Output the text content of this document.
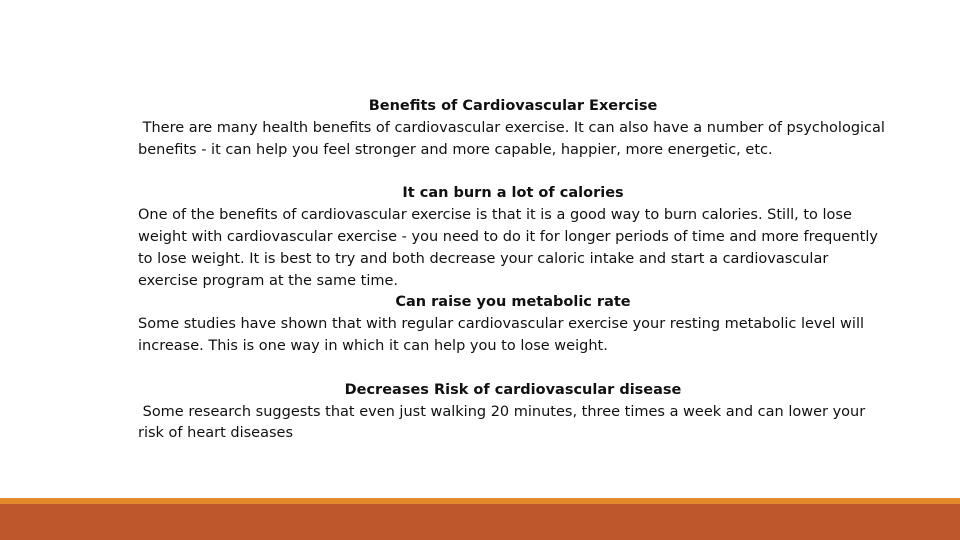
Benefits of Cardiovascular Exercise

There are many health benefits of cardiovascular exercise. It can also have a number of psychological benefits - it can help you feel stronger and more capable, happier, more energetic, etc.

It can burn a lot of calories

One of the benefits of cardiovascular exercise is that it is a good way to burn calories. Still, to lose weight with cardiovascular exercise - you need to do it for longer periods of time and more frequently to lose weight. It is best to try and both decrease your caloric intake and start a cardiovascular exercise program at the same time.

Can raise you metabolic rate

Some studies have shown that with regular cardiovascular exercise your resting metabolic level will increase. This is one way in which it can help you to lose weight.

Decreases Risk of cardiovascular disease

Some research suggests that even just walking 20 minutes, three times a week and can lower your risk of heart diseases
